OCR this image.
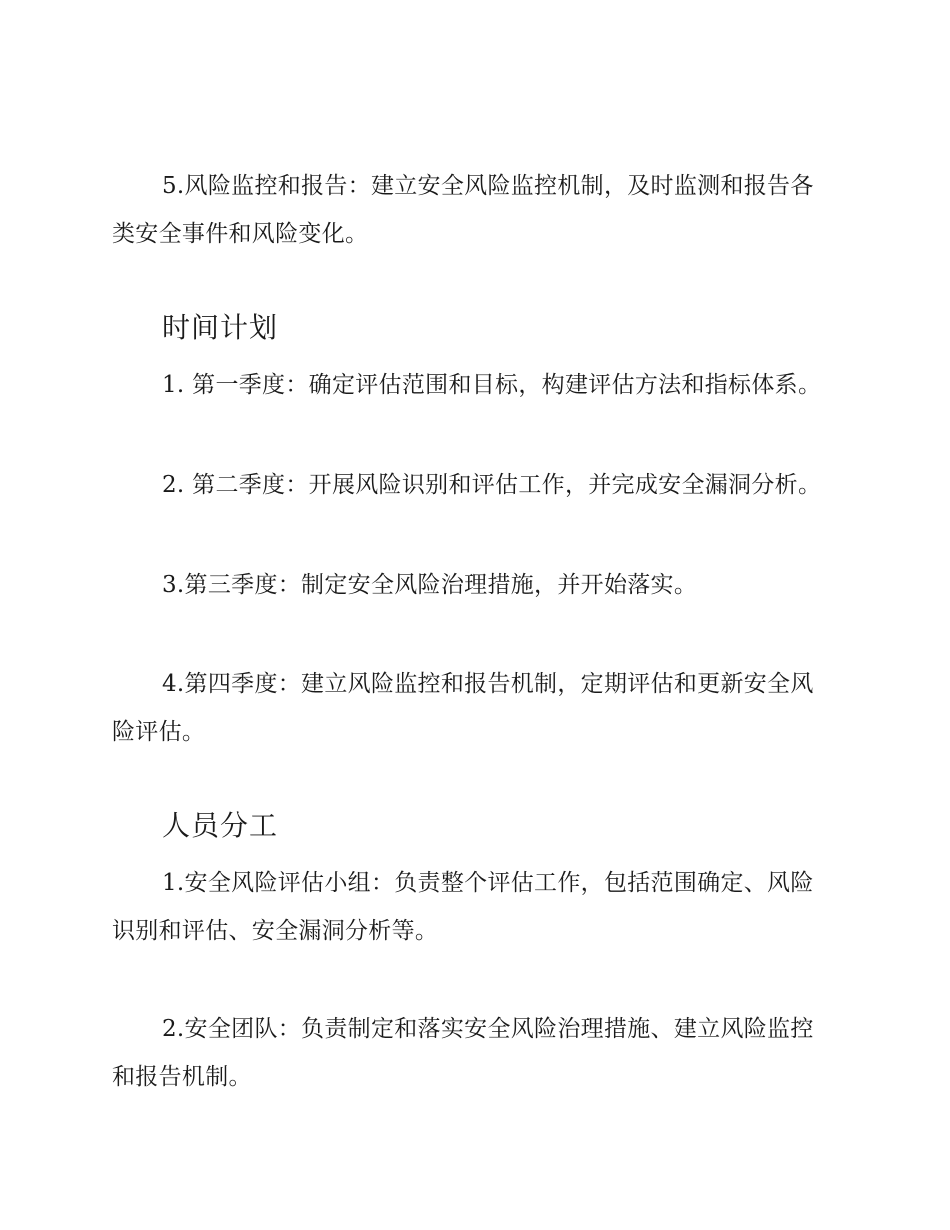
5.风险监控和报告：建立安全风险监控机制，及时监测和报告各类安全事件和风险变化。

时间计划

1. 第一季度：确定评估范围和目标，构建评估方法和指标体系。

2. 第二季度：开展风险识别和评估工作，并完成安全漏洞分析。

3.第三季度：制定安全风险治理措施，并开始落实。

4.第四季度：建立风险监控和报告机制，定期评估和更新安全风险评估。

人员分工

1.安全风险评估小组：负责整个评估工作，包括范围确定、风险识别和评估、安全漏洞分析等。

2.安全团队：负责制定和落实安全风险治理措施、建立风险监控和报告机制。
